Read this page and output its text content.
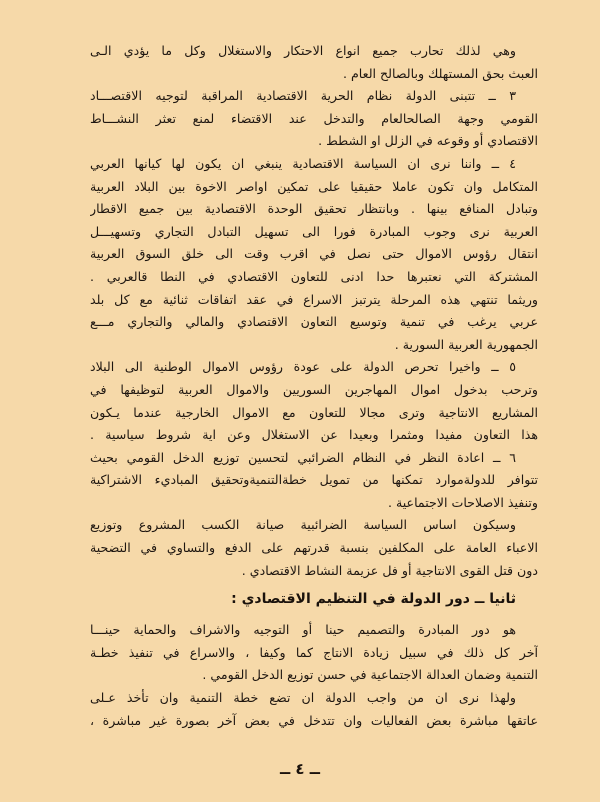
وهي لذلك تحارب جميع انواع الاحتكار والاستغلال وكل ما يؤدي الـى
العبث بحق المستهلك وبالصالح العام .
٣ ــ تتبنى الدولة نظام الحرية الاقتصادية المراقبة لتوجيه الاقتصـــاد
القومي وجهة الصالحالعام والتدخل عند الاقتضاء لمنع تعثر النشـــاط
الاقتصادي أو وقوعه في الزلل او الشطط .
٤ ــ واننا نرى ان السياسة الاقتصادية ينبغي ان يكون لها كيانها العربي
المتكامل وان تكون عاملا حقيقيا على تمكين اواصر الاخوة بين البلاد العربية
وتبادل المنافع بينها . وبانتظار تحقيق الوحدة الاقتصادية بين جميع الاقطار
العربية نرى وجوب المبادرة فورا الى تسهيل التبادل التجاري وتسهيـــل
انتقال رؤوس الاموال حتى نصل في اقرب وقت الى خلق السوق العربية
المشتركة التي نعتبرها حدا ادنى للتعاون الاقتصادي في النطا قالعربي .
وريثما تنتهي هذه المرحلة يترتبز الاسراع في عقد اتفاقات ثنائية مع كل بلد
عربي يرغب في تنمية وتوسيع التعاون الاقتصادي والمالي والتجاري مـــع
الجمهورية العربية السورية .
٥ ــ واخيرا تحرص الدولة على عودة رؤوس الاموال الوطنية الى البلاد
وترحب بدخول اموال المهاجرين السوريين والاموال العربية لتوظيفها في
المشاريع الانتاجية وترى مجالا للتعاون مع الاموال الخارجية عندما يـكون
هذا التعاون مفيدا ومثمرا وبعيدا عن الاستغلال وعن اية شروط سياسية .
٦ ــ اعادة النظر في النظام الضرائبي لتحسين توزيع الدخل القومي بحيث
تتوافر للدولةموارد تمكنها من تمويل خطةالتنميةوتحقيق المباديء الاشتراكية
وتنفيذ الاصلاحات الاجتماعية .
وسيكون اساس السياسة الضرائبية صيانة الكسب المشروع وتوزيع
الاعباء العامة على المكلفين بنسبة قدرتهم على الدفع والتساوي في التضحية
دون قتل القوى الانتاجية أو فل عزيمة النشاط الاقتصادي .
ثانيا ــ دور الدولة في التنظيم الاقتصادي :
هو دور المبادرة والتصميم حينا أو التوجيه والاشراف والحماية حينـــا
آخر كل ذلك في سبيل زيادة الانتاج كما وكيفا ، والاسراع في تنفيذ خطـة
التنمية وضمان العدالة الاجتماعية في حسن توزيع الدخل القومي .
ولهذا نرى ان من واجب الدولة ان تضع خطة التنمية وان تأخذ عـلى
عاتقها مباشرة بعض الفعاليات وان تتدخل في بعض آخر بصورة غير مباشرة ،
ــ ٤ ــ
